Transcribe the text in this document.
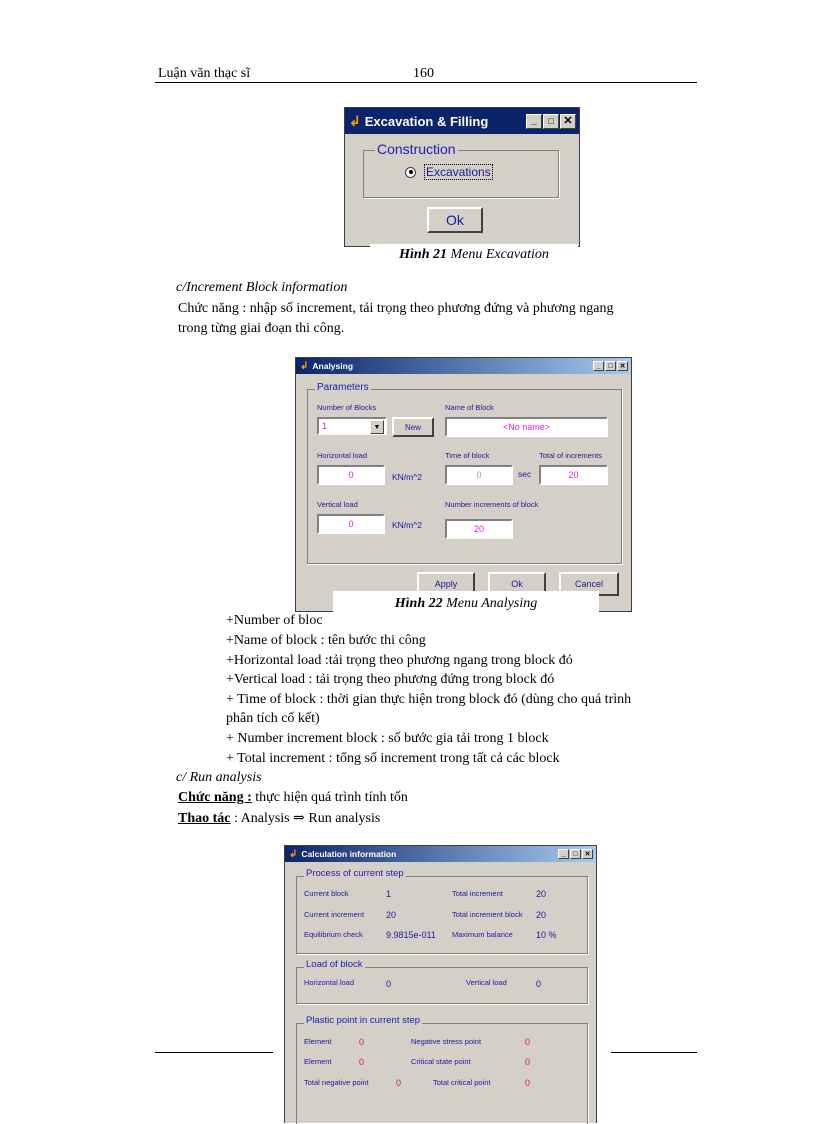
Luận văn thạc sĩ	160
↲ Excavation & Filling	_	□ ✕
Construction
Excavations
Ok
Hình 21 Menu Excavation
c/Increment Block information
Chức năng : nhập số increment, tải trọng theo phương đứng và phương ngang
trong từng giai đoạn thi công.
↲ Analysing	_	□ ✕
Parameters
Number of Blocks
1	▼	New
Name of Block
<No name>
Horizontal load
0	KN/m^2
Time of block
0	sec
Total of increments
20
Vertical load
0	KN/m^2
Number increments of block
20
Apply	Ok	Cancel
Hình 22 Menu Analysing
+Number of bloc
+Name of block : tên bước thi công
+Horizontal load :tải trọng theo phương ngang trong block đó
+Vertical load : tải trọng theo phương đứng trong block đó
+ Time of block : thời gian thực hiện trong block đó (dùng cho quá trình
phân tích cố kết)
+ Number increment block : số bước gia tải trong 1 block
+ Total increment : tổng số increment trong tất cả các block
c/ Run analysis
Chức năng : thực hiện quá trình tính tốn
Thao tác : Analysis ⇒ Run analysis
↲ Calculation information	_	□ ✕
Process of current step
Current block	1	Total increment	20
Current increment 20	Total increment block 20
Equilibrium check	9.9815e-011 Maximum balance	10 %
Load of block
Horizontal load	0	Vertical load	0
Plastic point in current step
Element	0	Negative stress point	0
Element	0	Critical state point	0
Total negative point	0	Total critical point	0
